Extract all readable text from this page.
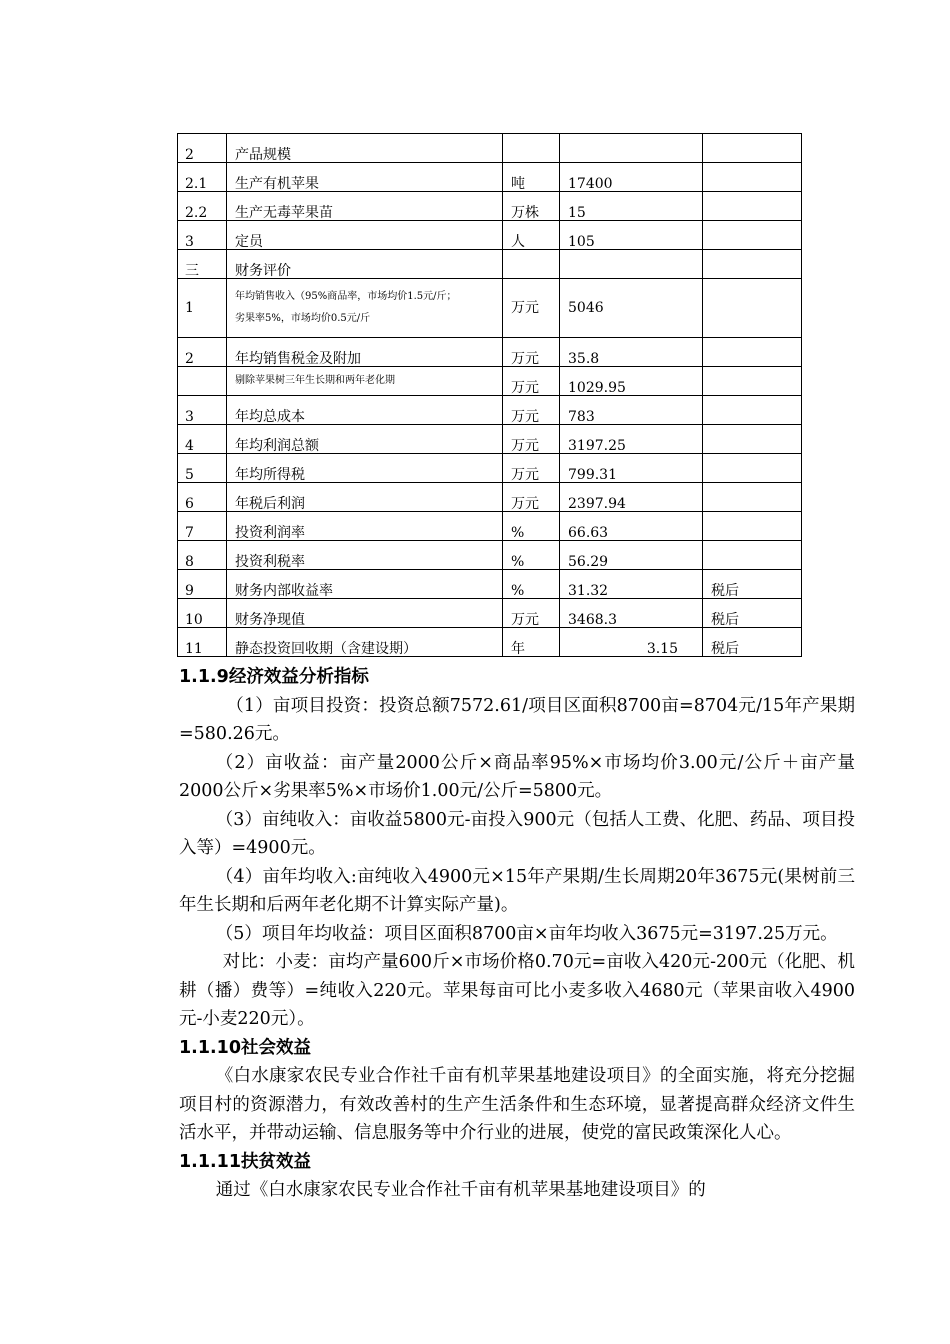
2	产品规模			
2.1	生产有机苹果	吨	17400	
2.2	生产无毒苹果苗	万株	15	
3	定员	人	105	
三	财务评价			
1	年均销售收入（95%商品率，市场均价1.5元/斤；
劣果率5%，市场均价0.5元/斤	万元	5046	
2	年均销售税金及附加	万元	35.8	
	剔除苹果树三年生长期和两年老化期	万元	1029.95	
3	年均总成本	万元	783	
4	年均利润总额	万元	3197.25	
5	年均所得税	万元	799.31	
6	年税后利润	万元	2397.94	
7	投资利润率	%	66.63	
8	投资利税率	%	56.29	
9	财务内部收益率	%	31.32	税后
10	财务净现值	万元	3468.3	税后
11	静态投资回收期（含建设期）	年	3.15	税后
1.1.9经济效益分析指标

（1）亩项目投资：投资总额7572.61/项目区面积8700亩=8704元/15年产果期=580.26元。

（2）亩收益：亩产量2000公斤×商品率95%×市场均价3.00元/公斤＋亩产量2000公斤×劣果率5%×市场价1.00元/公斤=5800元。

（3）亩纯收入：亩收益5800元-亩投入900元（包括人工费、化肥、药品、项目投入等）=4900元。

（4）亩年均收入:亩纯收入4900元×15年产果期/生长周期20年3675元(果树前三年生长期和后两年老化期不计算实际产量)。

（5）项目年均收益：项目区面积8700亩×亩年均收入3675元=3197.25万元。

对比：小麦：亩均产量600斤×市场价格0.70元=亩收入420元-200元（化肥、机耕（播）费等）=纯收入220元。苹果每亩可比小麦多收入4680元（苹果亩收入4900元-小麦220元）。

1.1.10社会效益

《白水康家农民专业合作社千亩有机苹果基地建设项目》的全面实施，将充分挖掘项目村的资源潜力，有效改善村的生产生活条件和生态环境，显著提高群众经济文件生活水平，并带动运输、信息服务等中介行业的进展，使党的富民政策深化人心。

1.1.11扶贫效益

通过《白水康家农民专业合作社千亩有机苹果基地建设项目》的
